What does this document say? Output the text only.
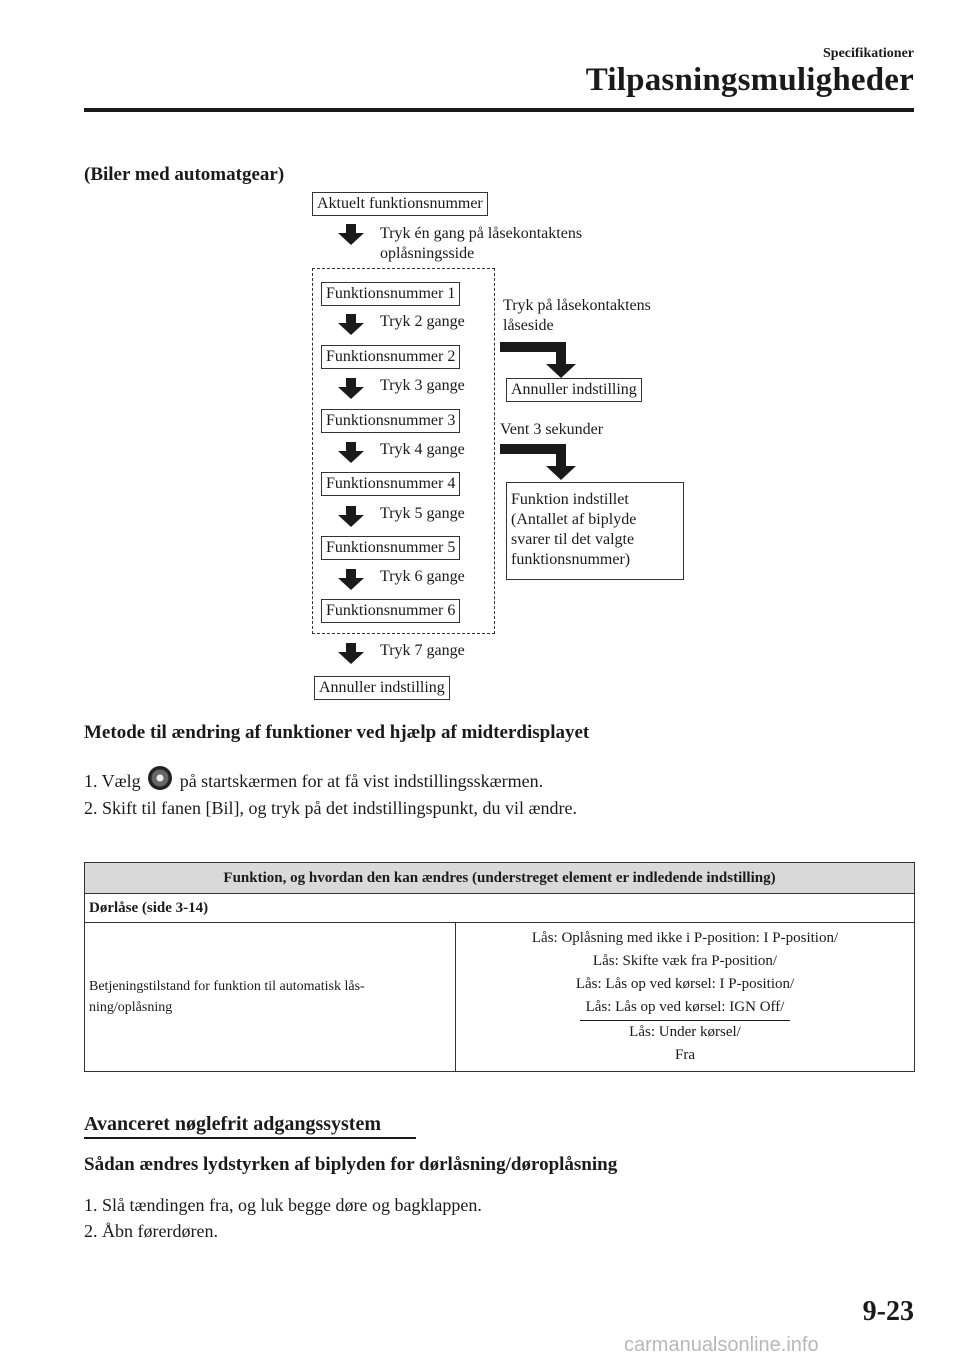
Specifikationer
Tilpasningsmuligheder
(Biler med automatgear)
Aktuelt funktionsnummer
Tryk én gang på låsekontaktens
oplåsningsside
Funktionsnummer 1
Tryk 2 gange
Funktionsnummer 2
Tryk 3 gange
Funktionsnummer 3
Tryk 4 gange
Funktionsnummer 4
Tryk 5 gange
Funktionsnummer 5
Tryk 6 gange
Funktionsnummer 6
Tryk 7 gange
Annuller indstilling
Tryk på låsekontaktens
låseside
Annuller indstilling
Vent 3 sekunder
Funktion indstillet
(Antallet af biplyde
svarer til det valgte
funktionsnummer)
Metode til ændring af funktioner ved hjælp af midterdisplayet
1. Vælg på startskærmen for at få vist indstillingsskærmen.
2. Skift til fanen [Bil], og tryk på det indstillingspunkt, du vil ændre.
Funktion, og hvordan den kan ændres (understreget element er indledende indstilling)
Dørlåse (side 3-14)

Betjeningstilstand for funktion til automatisk lås-
ning/oplåsning

Lås: Oplåsning med ikke i P-position: I P-position/
Lås: Skifte væk fra P-position/
Lås: Lås op ved kørsel: I P-position/
Lås: Lås op ved kørsel: IGN Off/
Lås: Under kørsel/
Fra
Avanceret nøglefrit adgangssystem
Sådan ændres lydstyrken af biplyden for dørlåsning/døroplåsning
1. Slå tændingen fra, og luk begge døre og bagklappen.
2. Åbn førerdøren.
9-23
carmanualsonline.info
